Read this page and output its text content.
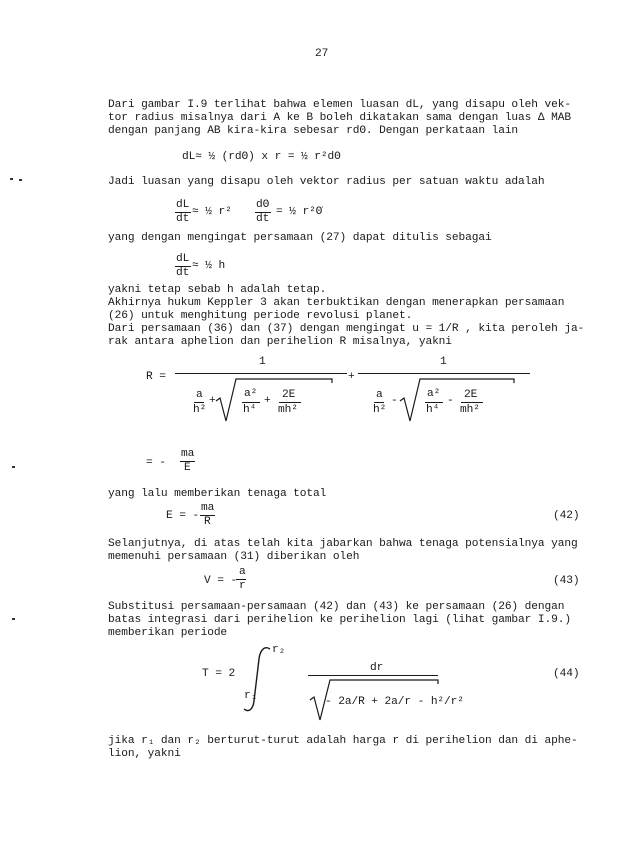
27
Dari gambar I.9 terlihat bahwa elemen luasan dL, yang disapu oleh vek-
tor radius misalnya dari A ke B boleh dikatakan sama dengan luas Δ MAB
dengan panjang AB kira-kira sebesar rdΘ. Dengan perkataan lain
dL≈ ½ (rdΘ) x r = ½ r²dΘ
Jadi luasan yang disapu oleh vektor radius per satuan waktu adalah
dL
dt
≈ ½ r²
dΘ
dt
= ½ r²Θ̇
yang dengan mengingat persamaan (27) dapat ditulis sebagai
dL
dt
≈ ½ h
yakni tetap sebab h adalah tetap.
Akhirnya hukum Keppler 3 akan terbuktikan dengan menerapkan persamaan
(26) untuk menghitung periode revolusi planet.
Dari persamaan (36) dan (37) dengan mengingat u = 1/R , kita peroleh ja-
rak antara aphelion dan perihelion R misalnya, yakni
R =
1
a
h²
+
a²
h⁴
+ 2E
mh²
+
1
a
h²
-
a²
h⁴
- 2E
mh²
= -
ma
E
yang lalu memberikan tenaga total
E = -
ma
R	(42)
Selanjutnya, di atas telah kita jabarkan bahwa tenaga potensialnya yang
memenuhi persamaan (31) diberikan oleh
V = -
a
r	(43)
Substitusi persamaan-persamaan (42) dan (43) ke persamaan (26) dengan
batas integrasi dari perihelion ke perihelion lagi (lihat gambar I.9.)
memberikan periode
T = 2
r₂
r₁
dr
- 2a/R + 2a/r - h²/r²
(44)
jika r₁ dan r₂ berturut-turut adalah harga r di perihelion dan di aphe-
lion, yakni
